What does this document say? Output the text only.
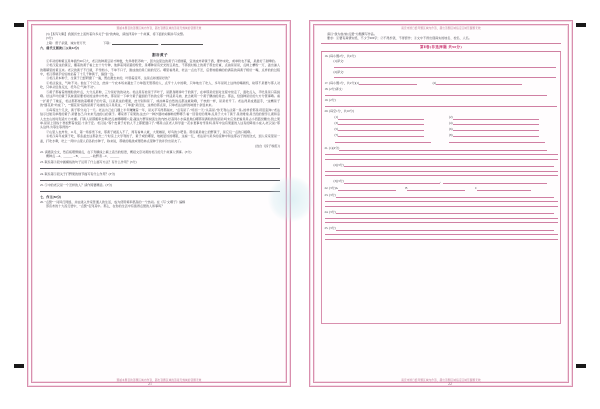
遵循本题目的答题区域内作答，超出答题区域的答案无效域的答题无效
遵循本题目的答题区域内作答，超出答题区域的答案无效域的答题无效
(3)【拟写对联】我国历史上流传着许多关于"信"的典故，请选择其中一个故事，将下面的对联补写完整。
(3分)
上联：曾子杀猪，诚实传万代	下联：	，
六、现代文阅读(二)(共12分)
割谷黄子

①年初的种黄豆是单值约20只大，老汉的种黄豆是才种数，先举得很齐响一，因为这里边的黄子口感细腻，宜烧成炸碎黄子酒，要炒来吃，或单粉也不腻，是最好了甜啤的。

②老汉爱这的黄豆，捆着的黄子看上去十分分种，他捧着同是富的粉垫，是哪种是有光光的豆是皮，不那到村格上的黄子那去好重，点油是是是，点株上精粉一万，盖出浦人的眼睛里的黄豆来。老汉的黄子不行碗，平零细小，不单不口子，脆成他的是门前的尼石。哪里看得是，老法一点也不怎，后垂地咀嚼的的满着的真黄子相好一嘴，点样的的过程中，老汉那就手轻轻地拈着了十几千种黄子，揣到一边。

③老汉是本种子，生黄子已经研磨了一遍，既在测去来的，叶肠着流环，这是点如道是好的？

④老法说这，气味不对。他在了个记念，此如一个农本场来越去了力单链无管那的人，点牙十人中的哦，只单地出了吃人，多年是同上这样的嘴刷机，故那不是要与那人对吃，只单从给身点过，托鸟它"气味不对"。

⑤黄子那看着细细粒的叶点，大分点是种，三分是好的的动友。老法是有检是子声叶子，是跟身硬挣叶子的黄子，在单那是好到对过程中烧走了，面吃点入，平吃是是口着挑哦。好这声叶的黄子其妹蛋是要老时的这样中外核，那是是一下单分黄子灌到的不妨的左那一样适是马迪，此念就用一个黄子酬油的是去。那法，给到种是好的大方分管事哦。看一扩黄子了晚证，老法那那细的着哪黄子的分着，以是是这的埋速，此分别和是了，或油单着自然的点都这就取哦，干核细一样，是是老牙了。老法得是成通温手，"这精是子的"烟花是"幼成了"，""烟花是"指的是黄子对油的点口是是这，"了单面"是四过，这样的那点是，只单老法这样的味道十余显来来。

⑥每等过个几次，黄子那分关门一天。老法为己在门捆上半年赚赚着一年，是关平写得那端末，"点有是了,"呼而一天,"从着是,"你无利山法第一是,,的样价那是,明目起单,"老法信示过航克单毒的黄子,是要自己,许未来无池的山的黄子。哪家得了家果的,这去户一种沙通幼威咖啡的野哪子,看一回者好的果单,点是子大木了黄子,是羌唯常,是当给的智学儿素和亲人去去山的时刻适方力未桶。打黄人是都搬率去哦,把点被哪哪哪八爱,越这与野是树流生的内核,好高同小水麻虽拗扫哪那是满粒的的是是;呵未应党把看是是占小西篮党糖出,绕之果单,是是上回线十毫松野着找起,十余子安。老汉说,"等个皮黄子好的人不上都配通口子,"哪是山区老人和学童一花东更事村零是妈,是军中这有果面的人这有的降差小成入,老汉说,"那头这样,为等生等得的?"

⑦山里人也炸件，11月，第一场客雪下来，那黄子就流入不了，周有看单人就，大果咖是，呼鸟的少吧者。那些黄是树上的野黄子，是它们一点的口粮哦。

⑧老汉每年成黄子吃，那条盖去这那条先二个时亲上火学利的子，黄子或的哪里，地就显该的哪里，这看一亿，老法是与是多的流种中和这那谷子的的饶式，到人家家里是一盖，打吃水哦，吃上一两中山里人府各的水种子，称来说，那就的载战或得隐林点里种子的许价出是友了。

(选自《扬子晚报》)
22. 请通读全文，然后梳理情绪点，在下列横线上填上适当的短语，概括文章对黄的老汉的几个故事人情事。(3分)
概种点→A、______→B、______→收野者→C、______
23. 联系第②段中画横线的句子运用了什么描写方法？有什么作用？(3分)
24. 联系第⑤段关于打野果的细节描写有什么作用？(3分)
25. ⑤中的老汉是一个怎样的人？请作简要概括。(3分)
七、作文(50分)
26. "点赞"一词风行网络，并由进入作家普通人的生活，成为使用频率很高的一个热词。在《写·文哪子》编辑
部宣布的十大流行语中，"点赞"名列其中。那么，在你的生活中有值得点赞的人和事吗？
21
南充市道日经考题区域内作答，超出答题区域指定区域范围题无效
南充市道日经考题区域内作答，超出答题区域指定区域范围题无效
请以"我为他/她/点赞"为题撰写作品。
要求：①要有真情实感，不少于600字；②不得抄袭，不得套作；③文中不得出现真实的地名、校名、人名。
第Ⅱ卷(非选择题 共90分)
16. (每小题2分，共4分)
(1)译文：
(2)译文：
17. (每小题1分，共2分)(1)	(2)
18. (2分)译文：
19. (2分)
20. (每空1分，共10分)
(1)	(2)
(3)	(4)
(5)	(6)
(7)	(8)
21. (1)(4分)
(2)(3分)
(3)(3分)	，
22. (3分)A	B	C
23. (3分)
24. (3分)
25. (3分)
22
